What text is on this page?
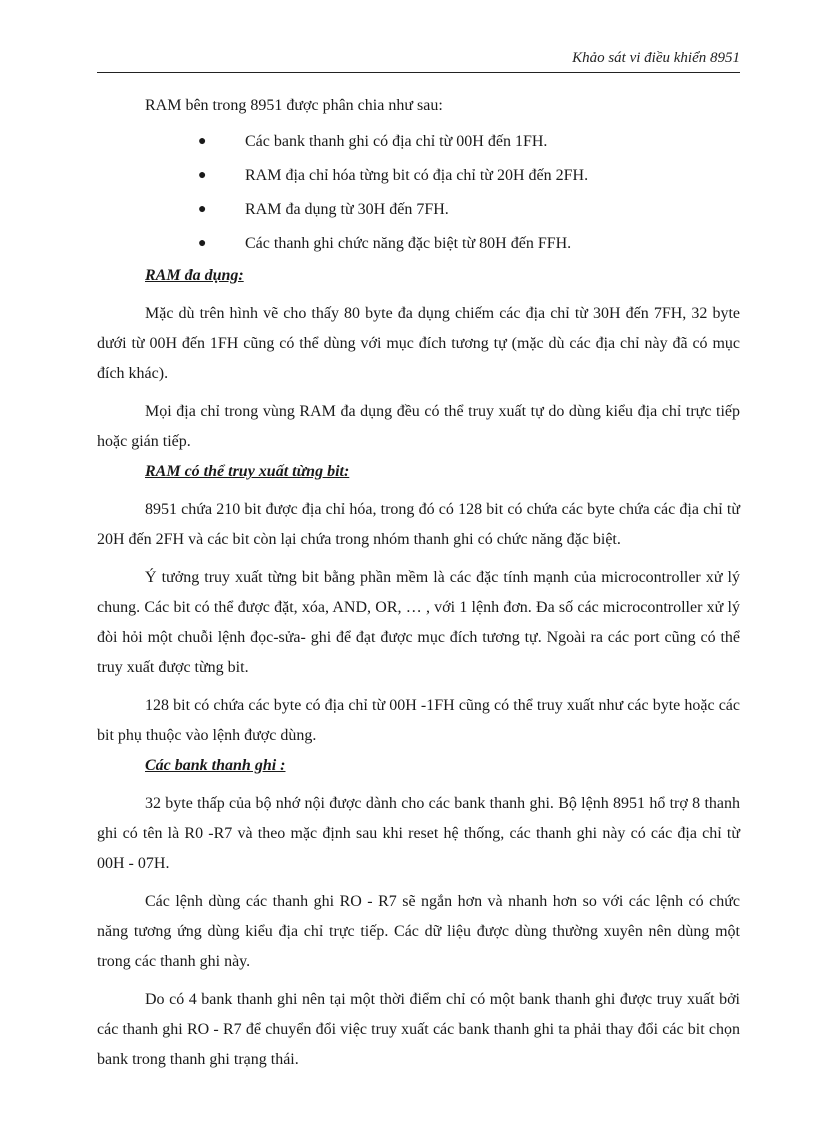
Khảo sát vi điều khiển 8951

RAM bên trong 8951 được phân chia như sau:

● Các bank thanh ghi có địa chỉ từ 00H đến 1FH.
● RAM địa chỉ hóa từng bit có địa chỉ từ 20H đến 2FH.
● RAM đa dụng từ 30H đến 7FH.
● Các thanh ghi chức năng đặc biệt từ 80H đến FFH.
RAM đa dụng:

Mặc dù trên hình vẽ cho thấy 80 byte đa dụng chiếm các địa chỉ từ 30H đến 7FH, 32 byte dưới từ 00H đến 1FH cũng có thể dùng với mục đích tương tự (mặc dù các địa chỉ này đã có mục đích khác).

Mọi địa chỉ trong vùng RAM đa dụng đều có thể truy xuất tự do dùng kiểu địa chỉ trực tiếp hoặc gián tiếp.

RAM có thể truy xuất từng bit:

8951 chứa 210 bit được địa chỉ hóa, trong đó có 128 bit có chứa các byte chứa các địa chỉ từ 20H đến 2FH và các bit còn lại chứa trong nhóm thanh ghi có chức năng đặc biệt.

Ý tưởng truy xuất từng bit bằng phần mềm là các đặc tính mạnh của microcontroller xử lý chung. Các bit có thể được đặt, xóa, AND, OR, … , với 1 lệnh đơn. Đa số các microcontroller xử lý đòi hỏi một chuỗi lệnh đọc-sửa- ghi để đạt được mục đích tương tự. Ngoài ra các port cũng có thể truy xuất được từng bit.

128 bit có chứa các byte có địa chỉ từ 00H -1FH cũng có thể truy xuất như các byte hoặc các bit phụ thuộc vào lệnh được dùng.

Các bank thanh ghi :

32 byte thấp của bộ nhớ nội được dành cho các bank thanh ghi. Bộ lệnh 8951 hổ trợ 8 thanh ghi có tên là R0 -R7 và theo mặc định sau khi reset hệ thống, các thanh ghi này có các địa chỉ từ 00H - 07H.

Các lệnh dùng các thanh ghi RO - R7 sẽ ngắn hơn và nhanh hơn so với các lệnh có chức năng tương ứng dùng kiểu địa chỉ trực tiếp. Các dữ liệu được dùng thường xuyên nên dùng một trong các thanh ghi này.

Do có 4 bank thanh ghi nên tại một thời điểm chỉ có một bank thanh ghi được truy xuất bởi các thanh ghi RO - R7 để chuyển đổi việc truy xuất các bank thanh ghi ta phải thay đổi các bit chọn bank trong thanh ghi trạng thái.
